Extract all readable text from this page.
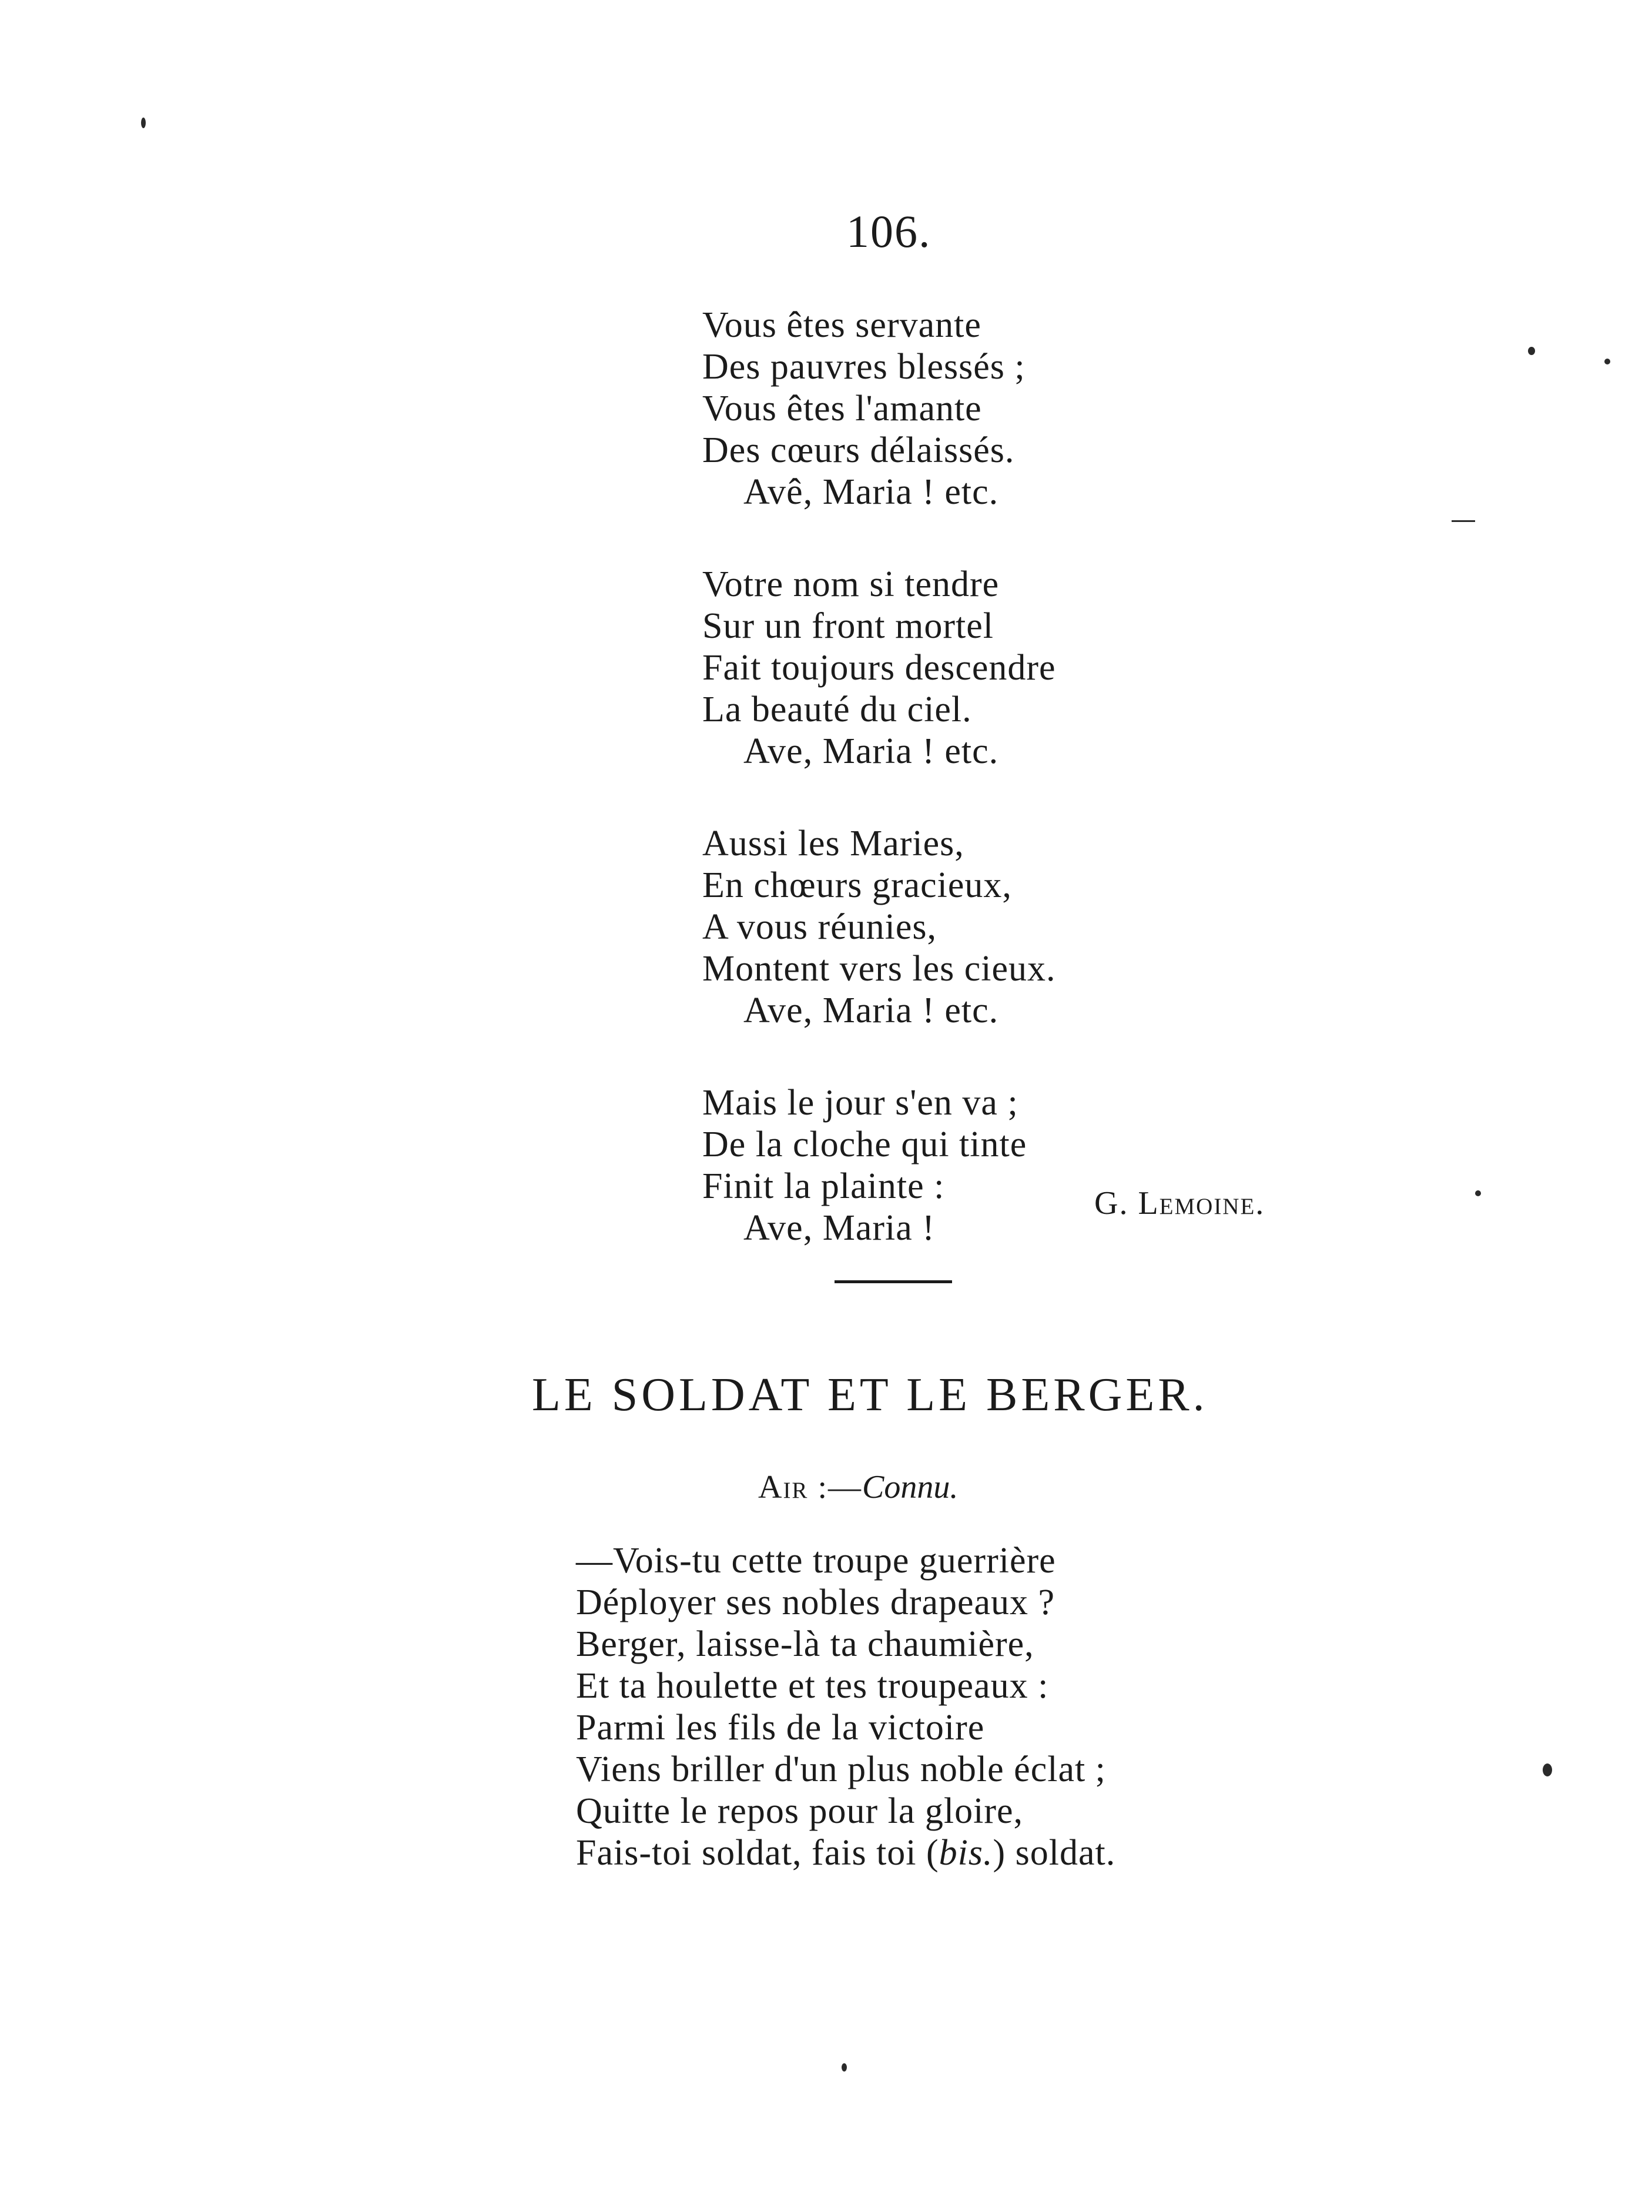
106.
Vous êtes servante
Des pauvres blessés ;
Vous êtes l'amante
Des cœurs délaissés.
Avê, Maria ! etc.
Votre nom si tendre
Sur un front mortel
Fait toujours descendre
La beauté du ciel.
Ave, Maria ! etc.
Aussi les Maries,
En chœurs gracieux,
A vous réunies,
Montent vers les cieux.
Ave, Maria ! etc.
Mais le jour s'en va ;
De la cloche qui tinte
Finit la plainte :
Ave, Maria !
G. Lemoine.
LE SOLDAT ET LE BERGER.
Air :—Connu.
—Vois-tu cette troupe guerrière
Déployer ses nobles drapeaux ?
Berger, laisse-là ta chaumière,
Et ta houlette et tes troupeaux :
Parmi les fils de la victoire
Viens briller d'un plus noble éclat ;
Quitte le repos pour la gloire,
Fais-toi soldat, fais toi (bis.) soldat.
